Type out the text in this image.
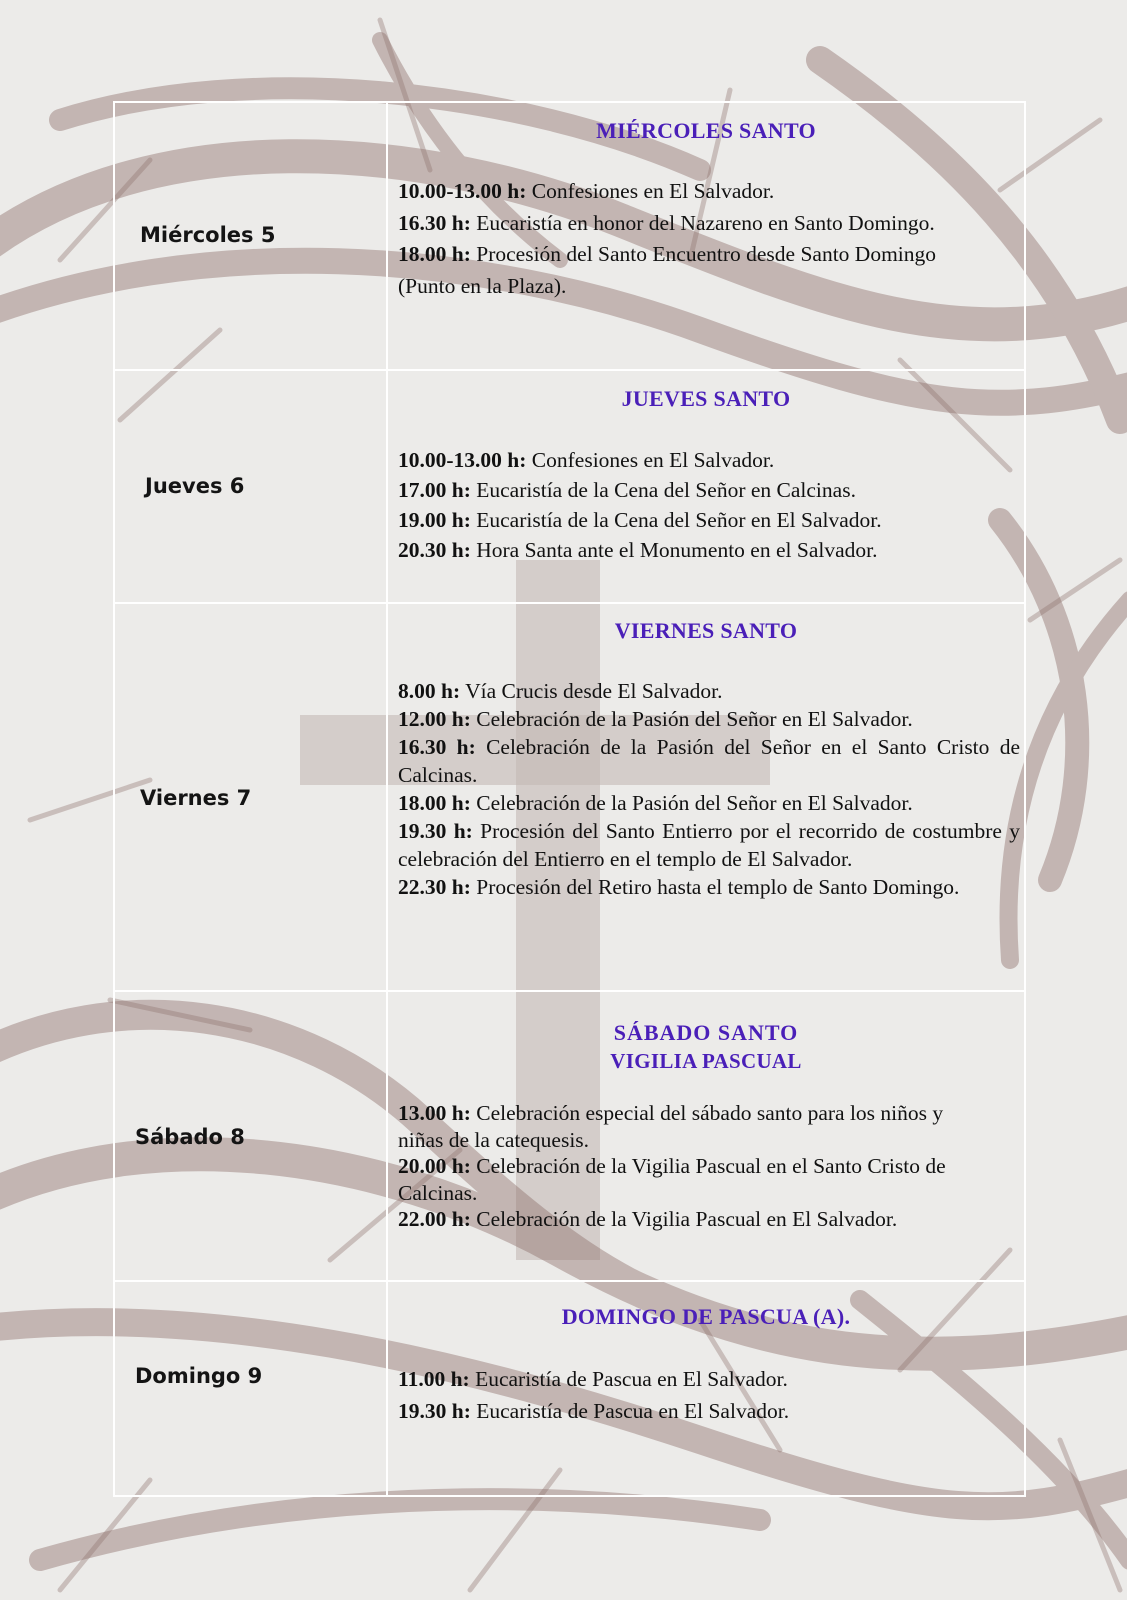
Miércoles 5
MIÉRCOLES SANTO
10.00-13.00 h: Confesiones en El Salvador.
16.30 h: Eucaristía en honor del Nazareno en Santo Domingo.
18.00 h: Procesión del Santo Encuentro desde Santo Domingo (Punto en la Plaza).
Jueves 6
JUEVES SANTO
10.00-13.00 h: Confesiones en El Salvador.
17.00 h: Eucaristía de la Cena del Señor en Calcinas.
19.00 h: Eucaristía de la Cena del Señor en El Salvador.
20.30 h: Hora Santa ante el Monumento en el Salvador.
Viernes 7
VIERNES SANTO
8.00 h: Vía Crucis desde El Salvador.
12.00 h: Celebración de la Pasión del Señor en El Salvador.
16.30 h: Celebración de la Pasión del Señor en el Santo Cristo de Calcinas.
18.00 h: Celebración de la Pasión del Señor en El Salvador.
19.30 h: Procesión del Santo Entierro por el recorrido de costumbre y celebración del Entierro en el templo de El Salvador.
22.30 h: Procesión del Retiro hasta el templo de Santo Domingo.
Sábado 8
SÁBADO SANTO
VIGILIA PASCUAL
13.00 h: Celebración especial del sábado santo para los niños y niñas de la catequesis.
20.00 h: Celebración de la Vigilia Pascual en el Santo Cristo de Calcinas.
22.00 h: Celebración de la Vigilia Pascual en El Salvador.
Domingo 9
DOMINGO DE PASCUA (A).
11.00 h: Eucaristía de Pascua en El Salvador.
19.30 h: Eucaristía de Pascua en El Salvador.
